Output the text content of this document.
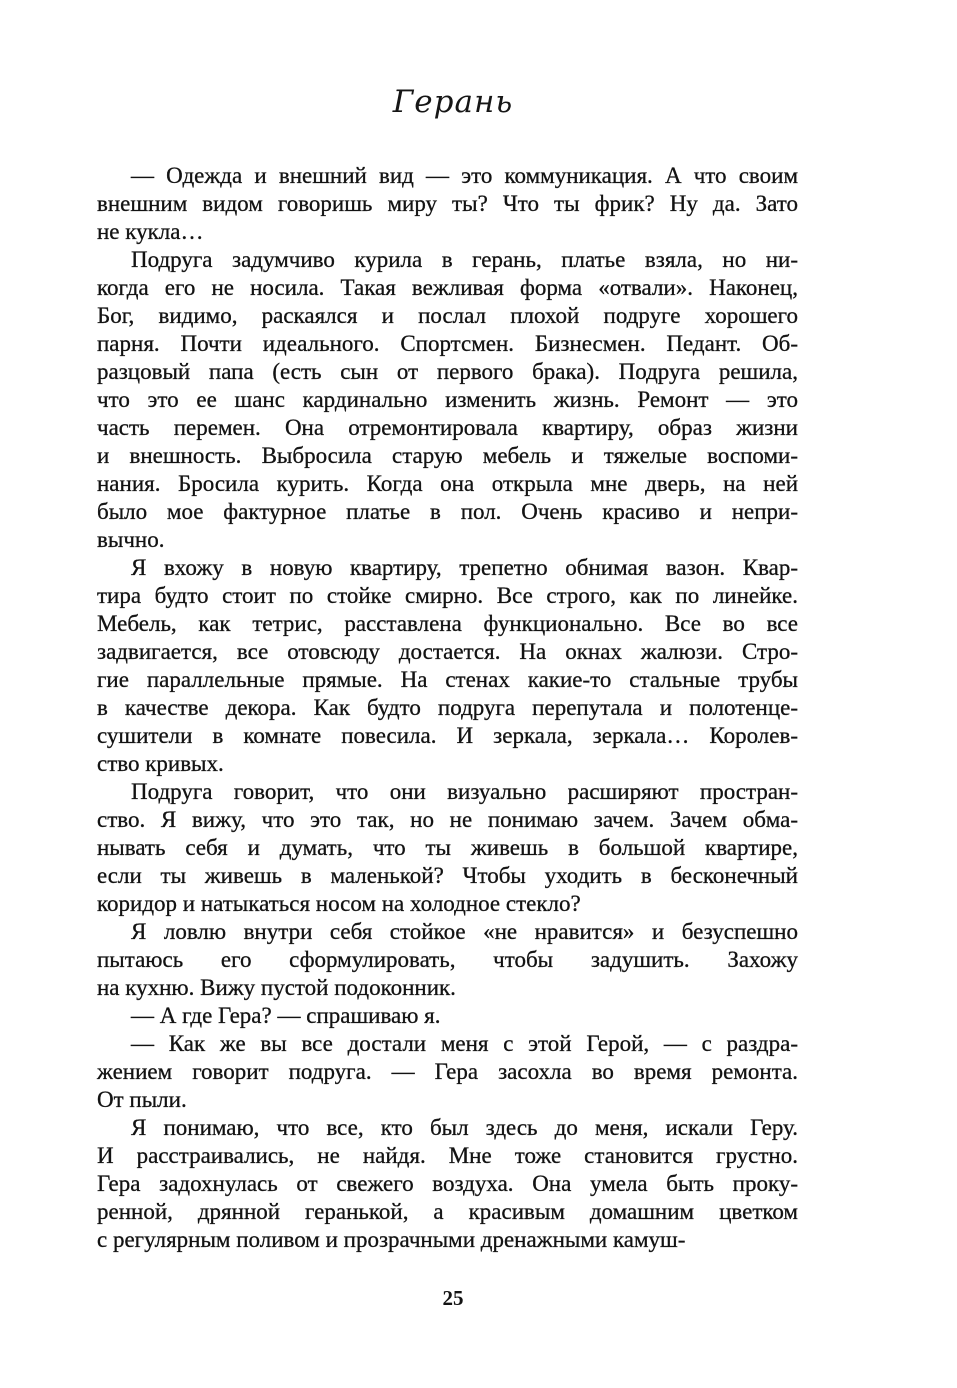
Герань
— Одежда и внешний вид — это коммуникация. А что своим
внешним видом говоришь миру ты? Что ты фрик? Ну да. Зато
не кукла…
Подруга задумчиво курила в герань, платье взяла, но ни-
когда его не носила. Такая вежливая форма «отвали». Наконец,
Бог, видимо, раскаялся и послал плохой подруге хорошего
парня. Почти идеального. Спортсмен. Бизнесмен. Педант. Об-
разцовый папа (есть сын от первого брака). Подруга решила,
что это ее шанс кардинально изменить жизнь. Ремонт — это
часть перемен. Она отремонтировала квартиру, образ жизни
и внешность. Выбросила старую мебель и тяжелые воспоми-
нания. Бросила курить. Когда она открыла мне дверь, на ней
было мое фактурное платье в пол. Очень красиво и непри-
вычно.
Я вхожу в новую квартиру, трепетно обнимая вазон. Квар-
тира будто стоит по стойке смирно. Все строго, как по линейке.
Мебель, как тетрис, расставлена функционально. Все во все
задвигается, все отовсюду достается. На окнах жалюзи. Стро-
гие параллельные прямые. На стенах какие-то стальные трубы
в качестве декора. Как будто подруга перепутала и полотенце-
сушители в комнате повесила. И зеркала, зеркала… Королев-
ство кривых.
Подруга говорит, что они визуально расширяют простран-
ство. Я вижу, что это так, но не понимаю зачем. Зачем обма-
нывать себя и думать, что ты живешь в большой квартире,
если ты живешь в маленькой? Чтобы уходить в бесконечный
коридор и натыкаться носом на холодное стекло?
Я ловлю внутри себя стойкое «не нравится» и безуспешно
пытаюсь его сформулировать, чтобы задушить. Захожу
на кухню. Вижу пустой подоконник.
— А где Гера? — спрашиваю я.
— Как же вы все достали меня с этой Герой, — с раздра-
жением говорит подруга. — Гера засохла во время ремонта.
От пыли.
Я понимаю, что все, кто был здесь до меня, искали Геру.
И расстраивались, не найдя. Мне тоже становится грустно.
Гера задохнулась от свежего воздуха. Она умела быть проку-
ренной, дрянной геранькой, а красивым домашним цветком
с регулярным поливом и прозрачными дренажными камуш-
25
